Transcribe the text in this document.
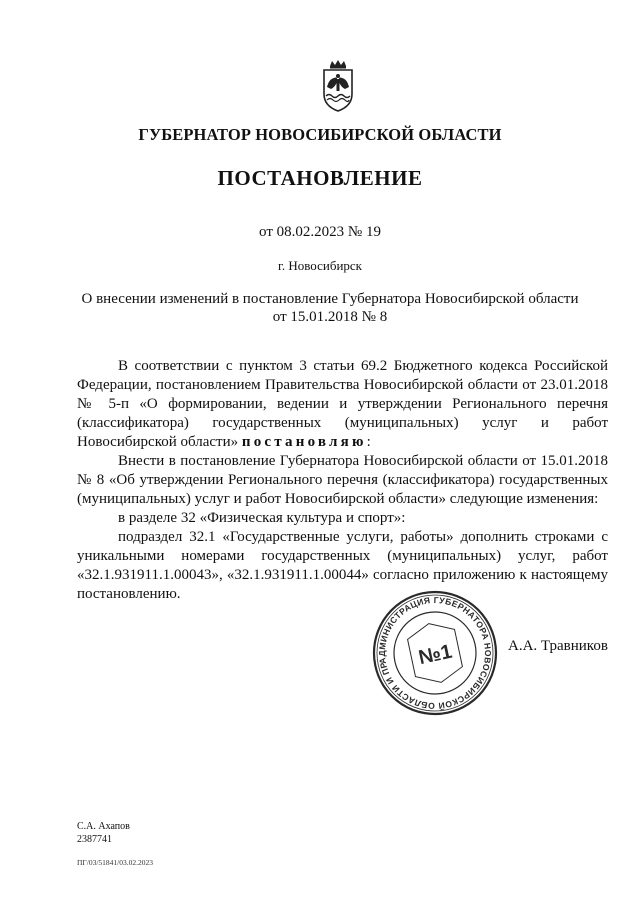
ГУБЕРНАТОР НОВОСИБИРСКОЙ ОБЛАСТИ
ПОСТАНОВЛЕНИЕ
от 08.02.2023 № 19
г. Новосибирск
О внесении изменений в постановление Губернатора Новосибирской области
от 15.01.2018 № 8

В соответствии с пунктом 3 статьи 69.2 Бюджетного кодекса Российской Федерации, постановлением Правительства Новосибирской области от 23.01.2018 № 5-п «О формировании, ведении и утверждении Регионального перечня (классификатора) государственных (муниципальных) услуг и работ Новосибирской области» постановляю:

Внести в постановление Губернатора Новосибирской области от 15.01.2018 № 8 «Об утверждении Регионального перечня (классификатора) государственных (муниципальных) услуг и работ Новосибирской области» следующие изменения:

в разделе 32 «Физическая культура и спорт»:

подраздел 32.1 «Государственные услуги, работы» дополнить строками с уникальными номерами государственных (муниципальных) услуг, работ «32.1.931911.1.00043», «32.1.931911.1.00044» согласно приложению к настоящему постановлению.

АДМИНИСТРАЦИЯ ГУБЕРНАТОРА НОВОСИБИРСКОЙ ОБЛАСТИ И ПРАВИТЕЛЬСТВА
№1	А.А. Травников
С.А. Ахапов
2387741
ПГ/03/51841/03.02.2023
